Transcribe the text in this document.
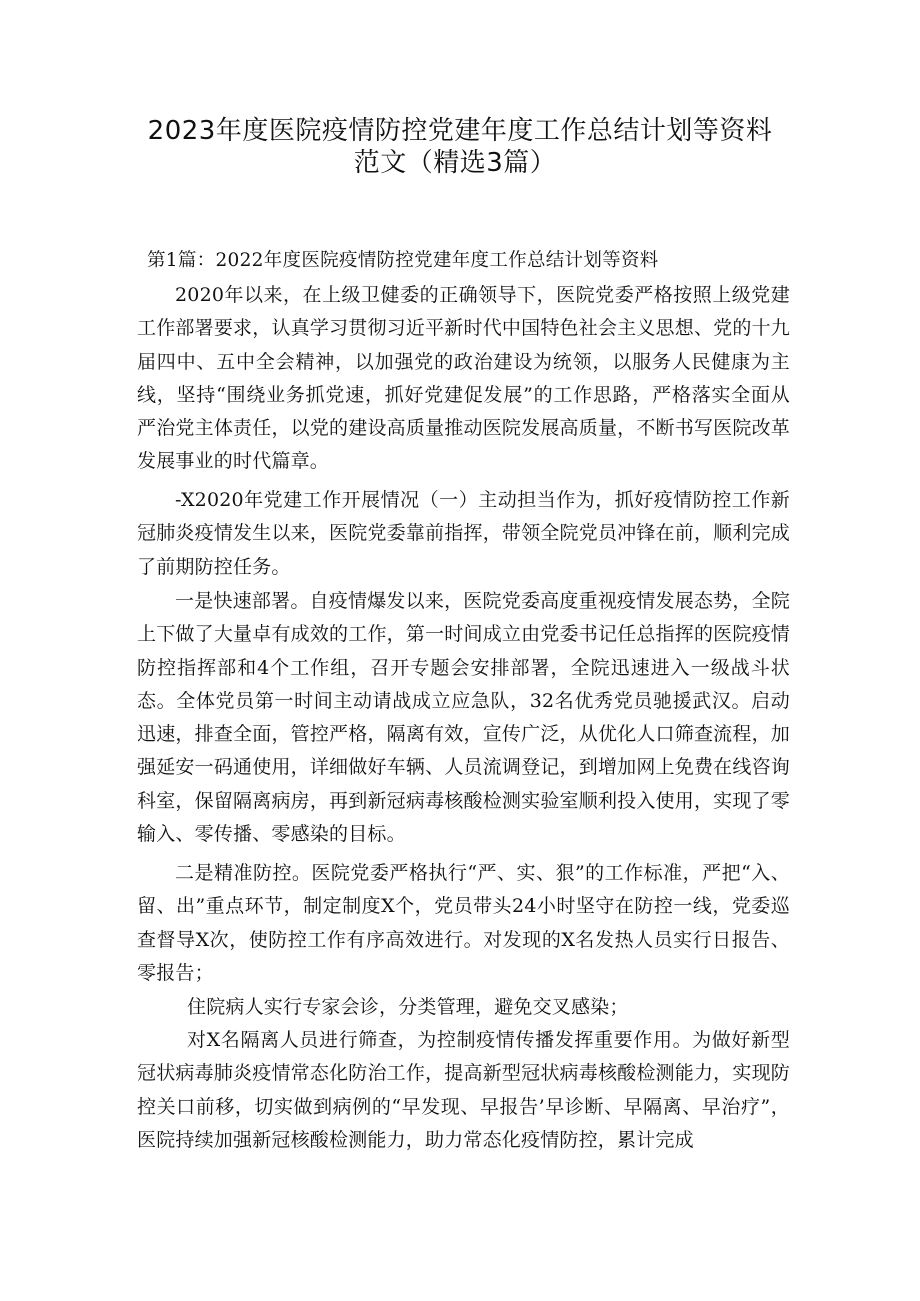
2023年度医院疫情防控党建年度工作总结计划等资料
范文（精选3篇）
第1篇：2022年度医院疫情防控党建年度工作总结计划等资料

2020年以来，在上级卫健委的正确领导下，医院党委严格按照上级党建工作部署要求，认真学习贯彻习近平新时代中国特色社会主义思想、党的十九届四中、五中全会精神，以加强党的政治建设为统领，以服务人民健康为主线，坚持“围绕业务抓党速，抓好党建促发展”的工作思路，严格落实全面从严治党主体责任，以党的建设高质量推动医院发展高质量，不断书写医院改革发展事业的时代篇章。

-X2020年党建工作开展情况（一）主动担当作为，抓好疫情防控工作新冠肺炎疫情发生以来，医院党委靠前指挥，带领全院党员冲锋在前，顺利完成了前期防控任务。

一是快速部署。自疫情爆发以来，医院党委高度重视疫情发展态势，全院上下做了大量卓有成效的工作，第一时间成立由党委书记任总指挥的医院疫情防控指挥部和4个工作组，召开专题会安排部署，全院迅速进入一级战斗状态。全体党员第一时间主动请战成立应急队，32名优秀党员驰援武汉。启动迅速，排查全面，管控严格，隔离有效，宣传广泛，从优化人口筛查流程，加强延安一码通使用，详细做好车辆、人员流调登记，到增加网上免费在线咨询科室，保留隔离病房，再到新冠病毒核酸检测实验室顺利投入使用，实现了零输入、零传播、零感染的目标。

二是精准防控。医院党委严格执行“严、实、狠”的工作标准，严把“入、留、出”重点环节，制定制度X个，党员带头24小时坚守在防控一线，党委巡查督导X次，使防控工作有序高效进行。对发现的X名发热人员实行日报告、零报告；

住院病人实行专家会诊，分类管理，避免交叉感染；

对X名隔离人员进行筛查，为控制疫情传播发挥重要作用。为做好新型冠状病毒肺炎疫情常态化防治工作，提高新型冠状病毒核酸检测能力，实现防控关口前移，切实做到病例的“早发现、早报告’早诊断、早隔离、早治疗”，医院持续加强新冠核酸检测能力，助力常态化疫情防控，累计完成
